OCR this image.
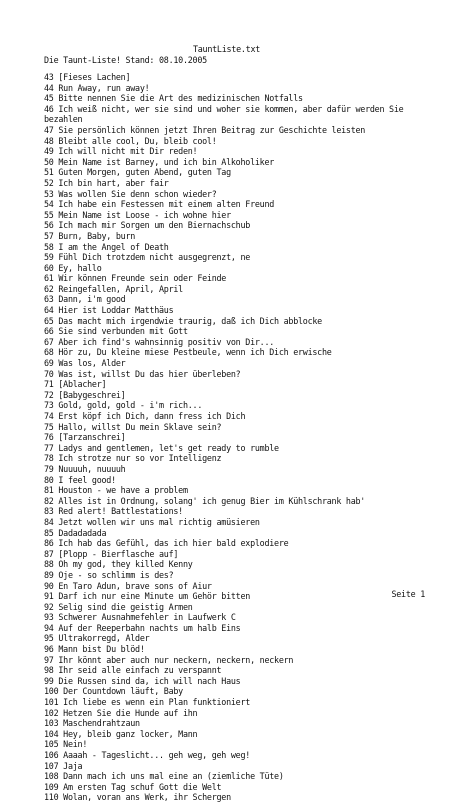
TauntListe.txt

Die Taunt-Liste! Stand: 08.10.2005

43 [Fieses Lachen]
44 Run Away, run away!
45 Bitte nennen Sie die Art des medizinischen Notfalls
46 Ich weiß nicht, wer sie sind und woher sie kommen, aber dafür werden Sie
bezahlen
47 Sie persönlich können jetzt Ihren Beitrag zur Geschichte leisten
48 Bleibt alle cool, Du, bleib cool!
49 Ich will nicht mit Dir reden!
50 Mein Name ist Barney, und ich bin Alkoholiker
51 Guten Morgen, guten Abend, guten Tag
52 Ich bin hart, aber fair
53 Was wollen Sie denn schon wieder?
54 Ich habe ein Festessen mit einem alten Freund
55 Mein Name ist Loose - ich wohne hier
56 Ich mach mir Sorgen um den Biernachschub
57 Burn, Baby, burn
58 I am the Angel of Death
59 Fühl Dich trotzdem nicht ausgegrenzt, ne
60 Ey, hallo
61 Wir können Freunde sein oder Feinde
62 Reingefallen, April, April
63 Dann, i'm good
64 Hier ist Loddar Matthäus
65 Das macht mich irgendwie traurig, daß ich Dich abblocke
66 Sie sind verbunden mit Gott
67 Aber ich find's wahnsinnig positiv von Dir...
68 Hör zu, Du kleine miese Pestbeule, wenn ich Dich erwische
69 Was los, Alder
70 Was ist, willst Du das hier überleben?
71 [Ablacher]
72 [Babygeschrei]
73 Gold, gold, gold - i'm rich...
74 Erst köpf ich Dich, dann fress ich Dich
75 Hallo, willst Du mein Sklave sein?
76 [Tarzanschrei]
77 Ladys and gentlemen, let's get ready to rumble
78 Ich strotze nur so vor Intelligenz
79 Nuuuuh, nuuuuh
80 I feel good!
81 Houston - we have a problem
82 Alles ist in Ordnung, solang' ich genug Bier im Kühlschrank hab'
83 Red alert! Battlestations!
84 Jetzt wollen wir uns mal richtig amüsieren
85 Dadadadada
86 Ich hab das Gefühl, das ich hier bald explodiere
87 [Plopp - Bierflasche auf]
88 Oh my god, they killed Kenny
89 Oje - so schlimm is des?
90 En Taro Adun, brave sons of Aiur
91 Darf ich nur eine Minute um Gehör bitten
92 Selig sind die geistig Armen
93 Schwerer Ausnahmefehler in Laufwerk C
94 Auf der Reeperbahn nachts um halb Eins
95 Ultrakorregd, Alder
96 Mann bist Du blöd!
97 Ihr könnt aber auch nur neckern, neckern, neckern
98 Ihr seid alle einfach zu verspannt
99 Die Russen sind da, ich will nach Haus
100 Der Countdown läuft, Baby
101 Ich liebe es wenn ein Plan funktioniert
102 Hetzen Sie die Hunde auf ihn
103 Maschendrahtzaun
104 Hey, bleib ganz locker, Mann
105 Nein!
106 Aaaah - Tageslicht... geh weg, geh weg!
107 Jaja
108 Dann mach ich uns mal eine an (ziemliche Tüte)
109 Am ersten Tag schuf Gott die Welt
110 Wolan, voran ans Werk, ihr Schergen

Seite 1
